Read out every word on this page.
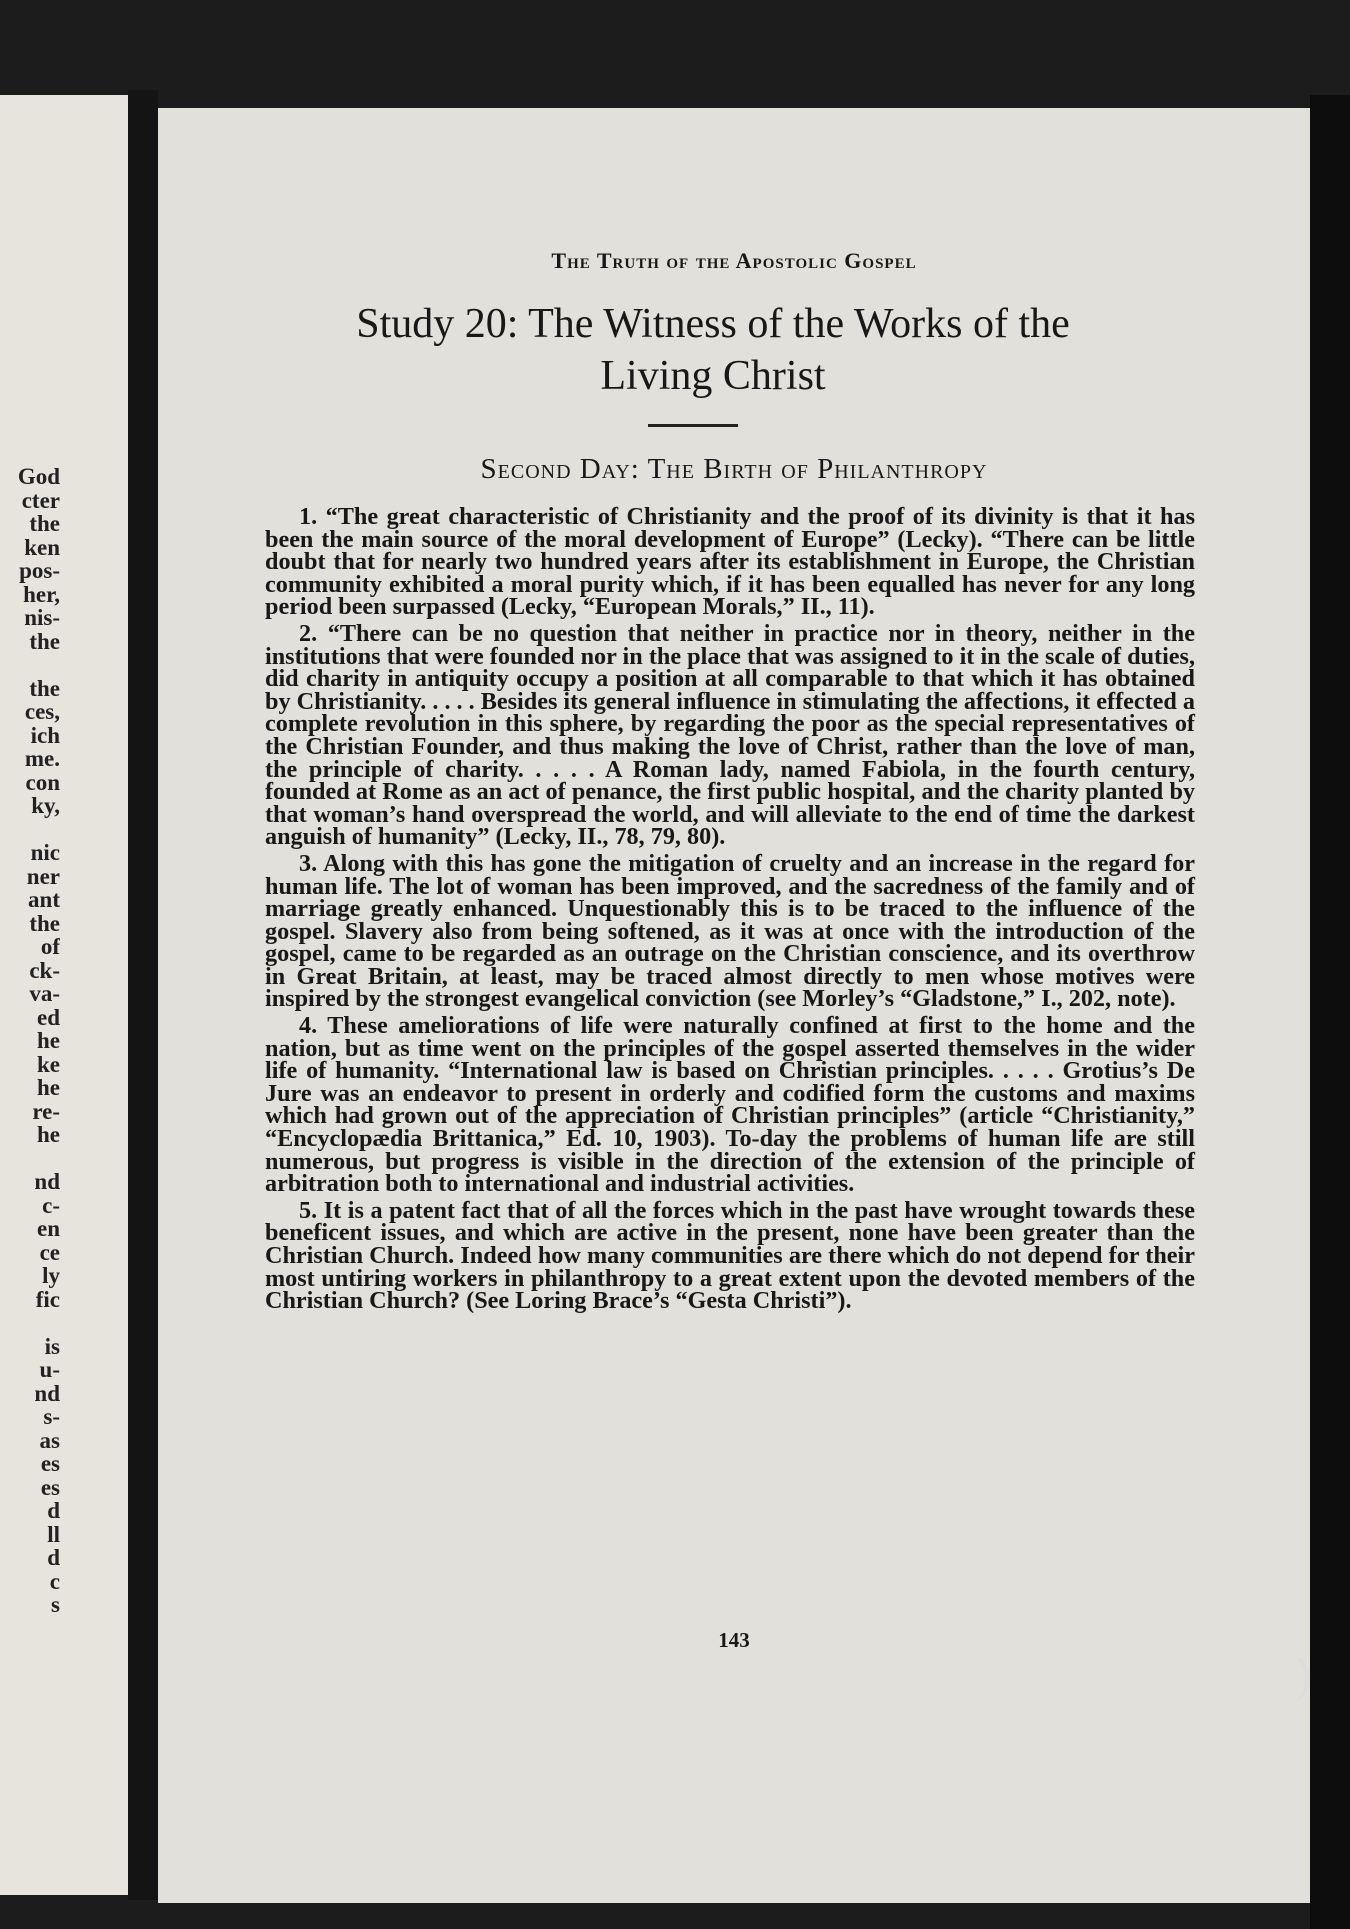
God
cter
the
ken
pos-
her,
nis-
the
the
ces,
ich
me.
con
ky,
nic
ner
ant
the
of
ck-
va-
ed
he
ke
he
re-
he
nd
c-
en
ce
ly
fic
is
u-
nd
s-
as
es
es
d
ll
d
c
s
The Truth of the Apostolic Gospel
Study 20: The Witness of the Works of the Living Christ
Second Day: The Birth of Philanthropy

1. “The great characteristic of Christianity and the proof of its divinity is that it has been the main source of the moral development of Europe” (Lecky). “There can be little doubt that for nearly two hundred years after its establishment in Europe, the Christian community exhibited a moral purity which, if it has been equalled has never for any long period been surpassed (Lecky, “European Morals,” II., 11).

2. “There can be no question that neither in practice nor in theory, neither in the institutions that were founded nor in the place that was assigned to it in the scale of duties, did charity in antiquity occupy a position at all comparable to that which it has obtained by Christianity. . . . . Besides its general influence in stimulating the affections, it effected a complete revolution in this sphere, by regarding the poor as the special representatives of the Christian Founder, and thus making the love of Christ, rather than the love of man, the principle of charity. . . . . A Roman lady, named Fabiola, in the fourth century, founded at Rome as an act of penance, the first public hospital, and the charity planted by that woman’s hand overspread the world, and will alleviate to the end of time the darkest anguish of humanity” (Lecky, II., 78, 79, 80).

3. Along with this has gone the mitigation of cruelty and an increase in the regard for human life. The lot of woman has been improved, and the sacredness of the family and of marriage greatly enhanced. Unquestionably this is to be traced to the influence of the gospel. Slavery also from being softened, as it was at once with the introduction of the gospel, came to be regarded as an outrage on the Christian conscience, and its overthrow in Great Britain, at least, may be traced almost directly to men whose motives were inspired by the strongest evangelical conviction (see Morley’s “Gladstone,” I., 202, note).

4. These ameliorations of life were naturally confined at first to the home and the nation, but as time went on the principles of the gospel asserted themselves in the wider life of humanity. “International law is based on Christian principles. . . . . Grotius’s De Jure was an endeavor to present in orderly and codified form the customs and maxims which had grown out of the appreciation of Christian principles” (article “Christianity,” “Encyclopædia Brittanica,” Ed. 10, 1903). To-day the problems of human life are still numerous, but progress is visible in the direction of the extension of the principle of arbitration both to international and industrial activities.

5. It is a patent fact that of all the forces which in the past have wrought towards these beneficent issues, and which are active in the present, none have been greater than the Christian Church. Indeed how many communities are there which do not depend for their most untiring workers in philanthropy to a great extent upon the devoted members of the Christian Church? (See Loring Brace’s “Gesta Christi”).

143
)
